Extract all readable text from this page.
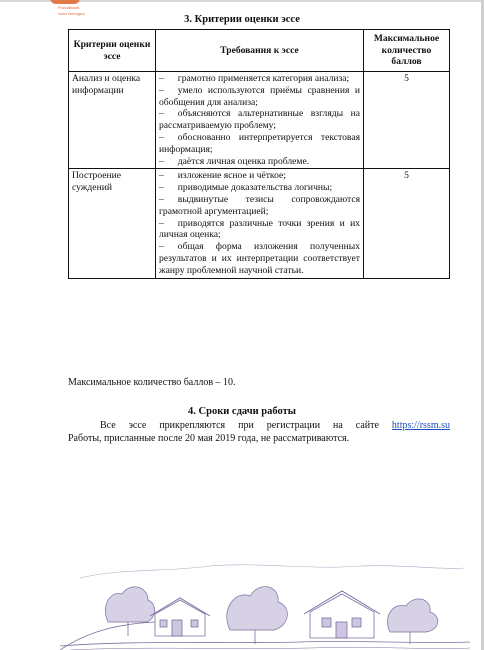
Российский
союз молодых
3. Критерии оценки эссе
Критерии оценки эссе	Требования к эссе	Максимальное количество баллов

Анализ и оценка информации	– грамотно применяется категория анализа;

– умело используются приёмы сравнения и обобщения для анализа;

– объясняются альтернативные взгляды на рассматриваемую проблему;

– обоснованно интерпретируется текстовая информация;

– даётся личная оценка проблеме.	5

Построение суждений	– изложение ясное и чёткое;

– приводимые доказательства логичны;

– выдвинутые тезисы сопровождаются грамотной аргументацией;

– приводятся различные точки зрения и их личная оценка;

– общая форма изложения полученных результатов и их интерпретации соответствует жанру проблемной научной статьи.	5
Максимальное количество баллов – 10.
4. Сроки сдачи работы
Все эссе прикрепляются при регистрации на сайте https://rssm.su
Работы, присланные после 20 мая 2019 года, не рассматриваются.
